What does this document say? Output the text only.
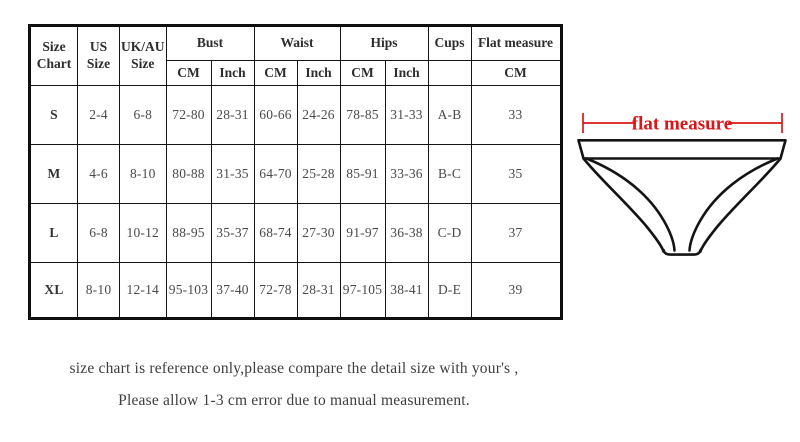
Size Chart	US Size	UK/AU Size	Bust		Waist		Hips		Cups	Flat measure
			CM	Inch	CM	Inch	CM	Inch		CM
S	2-4	6-8	72-80	28-31	60-66	24-26	78-85	31-33	A-B	33
M	4-6	8-10	80-88	31-35	64-70	25-28	85-91	33-36	B-C	35
L	6-8	10-12	88-95	35-37	68-74	27-30	91-97	36-38	C-D	37
XL	8-10	12-14	95-103	37-40	72-78	28-31	97-105	38-41	D-E	39
flat measure
size chart is reference only,please compare the detail size with your's ,
Please allow 1-3 cm error due to manual measurement.
